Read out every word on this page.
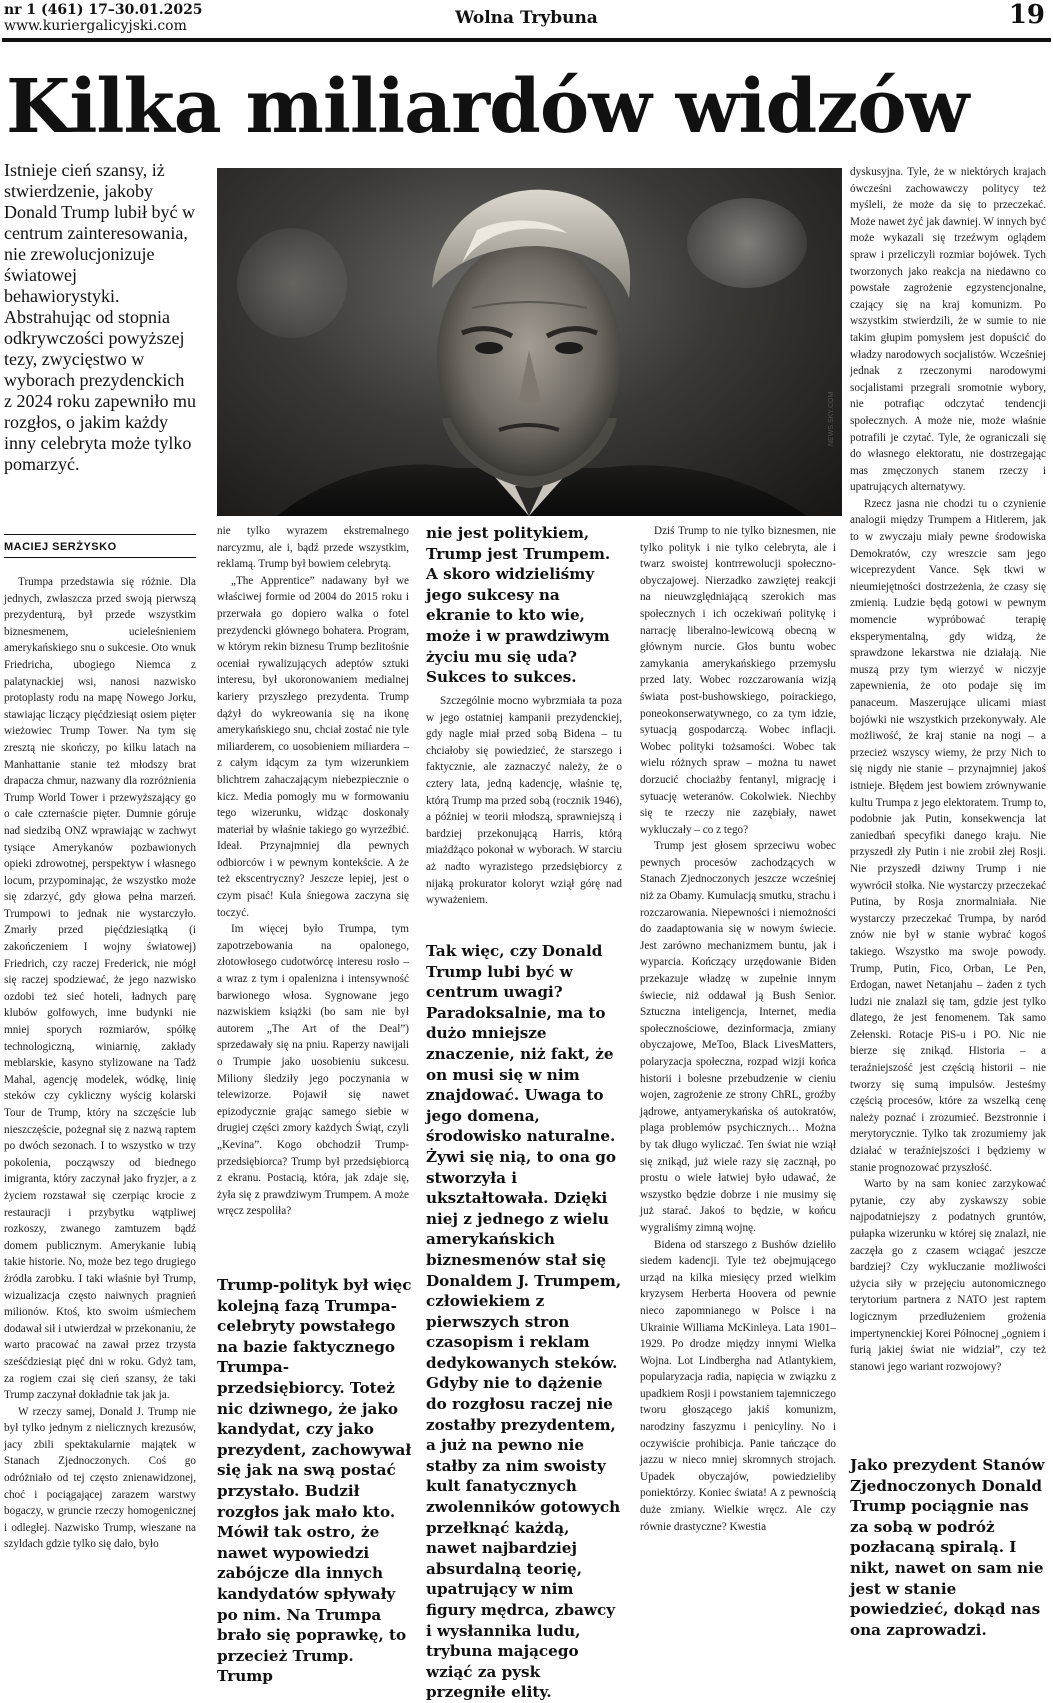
nr 1 (461) 17–30.01.2025
www.kuriergalicyjski.com	Wolna Trybuna	19
Kilka miliardów widzów
Istnieje cień szansy, iż stwierdzenie, jakoby Donald Trump lubił być w centrum zainteresowania, nie zrewolucjonizuje światowej behawiorystyki. Abstrahując od stopnia odkrywczości powyższej tezy, zwycięstwo w wyborach prezydenckich z 2024 roku zapewniło mu rozgłos, o jakim każdy inny celebryta może tylko pomarzyć.
MACIEJ SERŻYSKO
NEWS.SKY.COM

Trumpa przedstawia się różnie. Dla jednych, zwłaszcza przed swoją pierwszą prezydenturą, był przede wszystkim biznesmenem, ucieleśnieniem amerykańskiego snu o sukcesie. Oto wnuk Friedricha, ubogiego Niemca z palatynackiej wsi, nanosi nazwisko protoplasty rodu na mapę Nowego Jorku, stawiając liczący pięćdziesiąt osiem pięter wieżowiec Trump Tower. Na tym się zresztą nie skończy, po kilku latach na Manhattanie stanie też młodszy brat drapacza chmur, nazwany dla rozróżnienia Trump World Tower i przewyższający go o całe czternaście pięter. Dumnie góruje nad siedzibą ONZ wprawiając w zachwyt tysiące Amerykanów pozbawionych opieki zdrowotnej, perspektyw i własnego locum, przypominając, że wszystko może się zdarzyć, gdy głowa pełna marzeń. Trumpowi to jednak nie wystarczyło. Zmarły przed pięćdziesiątką (i zakończeniem I wojny światowej) Friedrich, czy raczej Frederick, nie mógł się raczej spodziewać, że jego nazwisko ozdobi też sieć hoteli, ładnych parę klubów golfowych, inne budynki nie mniej sporych rozmiarów, spółkę technologiczną, winiarnię, zakłady meblarskie, kasyno stylizowane na Tadż Mahal, agencję modelek, wódkę, linię steków czy cykliczny wyścig kolarski Tour de Trump, który na szczęście lub nieszczęście, pożegnał się z nazwą raptem po dwóch sezonach. I to wszystko w trzy pokolenia, począwszy od biednego imigranta, który zaczynał jako fryzjer, a z życiem rozstawał się czerpiąc krocie z restauracji i przybytku wątpliwej rozkoszy, zwanego zamtuzem bądź domem publicznym. Amerykanie lubią takie historie. No, może bez tego drugiego źródła zarobku. I taki właśnie był Trump, wizualizacja często naiwnych pragnień milionów. Ktoś, kto swoim uśmiechem dodawał sił i utwierdzał w przekonaniu, że warto pracować na zawał przez trzysta sześćdziesiąt pięć dni w roku. Gdyż tam, za rogiem czai się cień szansy, że taki Trump zaczynał dokładnie tak jak ja.

W rzeczy samej, Donald J. Trump nie był tylko jednym z nielicznych krezusów, jacy zbili spektakularnie majątek w Stanach Zjednoczonych. Coś go odróżniało od tej często znienawidzonej, choć i pociągającej zarazem warstwy bogaczy, w gruncie rzeczy homogenicznej i odległej. Nazwisko Trump, wieszane na szyldach gdzie tylko się dało, było

nie tylko wyrazem ekstremalnego narcyzmu, ale i, bądź przede wszystkim, reklamą. Trump był bowiem celebrytą.

„The Apprentice” nadawany był we właściwej formie od 2004 do 2015 roku i przerwała go dopiero walka o fotel prezydencki głównego bohatera. Program, w którym rekin biznesu Trump bezlitośnie oceniał rywalizujących adeptów sztuki interesu, był ukoronowaniem medialnej kariery przyszłego prezydenta. Trump dążył do wykreowania się na ikonę amerykańskiego snu, chciał zostać nie tyle miliarderem, co uosobieniem miliardera – z całym idącym za tym wizerunkiem blichtrem zahaczającym niebezpiecznie o kicz. Media pomogły mu w formowaniu tego wizerunku, widząc doskonały materiał by właśnie takiego go wyrzeźbić. Ideał. Przynajmniej dla pewnych odbiorców i w pewnym kontekście. A że też ekscentryczny? Jeszcze lepiej, jest o czym pisać! Kula śniegowa zaczyna się toczyć.

Im więcej było Trumpa, tym zapotrzebowania na opalonego, złotowłosego cudotwórcę interesu rosło – a wraz z tym i opalenizna i intensywność barwionego włosa. Sygnowane jego nazwiskiem książki (bo sam nie był autorem „The Art of the Deal”) sprzedawały się na pniu. Raperzy nawijali o Trumpie jako uosobieniu sukcesu. Miliony śledziły jego poczynania w telewizorze. Pojawił się nawet epizodycznie grając samego siebie w drugiej części zmory każdych Świąt, czyli „Kevina”. Kogo obchodził Trump-przedsiębiorca? Trump był przedsiębiorcą z ekranu. Postacią, która, jak zdaje się, żyła się z prawdziwym Trumpem. A może wręcz zespoliła?

Trump-polityk był więc kolejną fazą Trumpa-celebryty powstałego na bazie faktycznego Trumpa-przedsiębiorcy. Toteż nic dziwnego, że jako kandydat, czy jako prezydent, zachowywał się jak na swą postać przystało. Budził rozgłos jak mało kto. Mówił tak ostro, że nawet wypowiedzi zabójcze dla innych kandydatów spływały po nim. Na Trumpa brało się poprawkę, to przecież Trump. Trump
nie jest politykiem, Trump jest Trumpem. A skoro widzieliśmy jego sukcesy na ekranie to kto wie, może i w prawdziwym życiu mu się uda? Sukces to sukces.

Szczególnie mocno wybrzmiała ta poza w jego ostatniej kampanii prezydenckiej, gdy nagle miał przed sobą Bidena – tu chciałoby się powiedzieć, że starszego i faktycznie, ale zaznaczyć należy, że o cztery lata, jedną kadencję, właśnie tę, którą Trump ma przed sobą (rocznik 1946), a później w teorii młodszą, sprawniejszą i bardziej przekonującą Harris, którą miażdżąco pokonał w wyborach. W starciu aż nadto wyrazistego przedsiębiorcy z nijaką prokurator koloryt wziął górę nad wyważeniem.

Tak więc, czy Donald Trump lubi być w centrum uwagi? Paradoksalnie, ma to dużo mniejsze znaczenie, niż fakt, że on musi się w nim znajdować. Uwaga to jego domena, środowisko naturalne. Żywi się nią, to ona go stworzyła i ukształtowała. Dzięki niej z jednego z wielu amerykańskich biznesmenów stał się Donaldem J. Trumpem, człowiekiem z pierwszych stron czasopism i reklam dedykowanych steków. Gdyby nie to dążenie do rozgłosu raczej nie zostałby prezydentem, a już na pewno nie stałby za nim swoisty kult fanatycznych zwolenników gotowych przełknąć każdą, nawet najbardziej absurdalną teorię, upatrujący w nim figury mędrca, zbawcy i wysłannika ludu, trybuna mającego wziąć za pysk przegniłe elity.

Dziś Trump to nie tylko biznesmen, nie tylko polityk i nie tylko celebryta, ale i twarz swoistej kontrrewolucji społeczno-obyczajowej. Nierzadko zawziętej reakcji na nieuwzględniającą szerokich mas społecznych i ich oczekiwań politykę i narrację liberalno-lewicową obecną w głównym nurcie. Głos buntu wobec zamykania amerykańskiego przemysłu przed laty. Wobec rozczarowania wizją świata post-bushowskiego, poirackiego, poneokonserwatywnego, co za tym idzie, sytuacją gospodarczą. Wobec inflacji. Wobec polityki tożsamości. Wobec tak wielu różnych spraw – można tu nawet dorzucić chociażby fentanyl, migrację i sytuację weteranów. Cokolwiek. Niechby się te rzeczy nie zazębiały, nawet wykluczały – co z tego?

Trump jest głosem sprzeciwu wobec pewnych procesów zachodzących w Stanach Zjednoczonych jeszcze wcześniej niż za Obamy. Kumulacją smutku, strachu i rozczarowania. Niepewności i niemożności do zaadaptowania się w nowym świecie. Jest zarówno mechanizmem buntu, jak i wyparcia. Kończący urzędowanie Biden przekazuje władzę w zupełnie innym świecie, niż oddawał ją Bush Senior. Sztuczna inteligencja, Internet, media społecznościowe, dezinformacja, zmiany obyczajowe, MeToo, Black LivesMatters, polaryzacja społeczna, rozpad wizji końca historii i bolesne przebudzenie w cieniu wojen, zagrożenie ze strony ChRL, groźby jądrowe, antyamerykańska oś autokratów, plaga problemów psychicznych… Można by tak długo wyliczać. Ten świat nie wziął się znikąd, już wiele razy się zacznął, po prostu o wiele łatwiej było udawać, że wszystko będzie dobrze i nie musimy się już starać. Jakoś to będzie, w końcu wygraliśmy zimną wojnę.

Bidena od starszego z Bushów dzieliło siedem kadencji. Tyle też obejmującego urząd na kilka miesięcy przed wielkim kryzysem Herberta Hoovera od pewnie nieco zapomnianego w Polsce i na Ukrainie Williama McKinleya. Lata 1901–1929. Po drodze między innymi Wielka Wojna. Lot Lindbergha nad Atlantykiem, popularyzacja radia, napięcia w związku z upadkiem Rosji i powstaniem tajemniczego tworu głoszącego jakiś komunizm, narodziny faszyzmu i penicyliny. No i oczywiście prohibicja. Panie tańczące do jazzu w nieco mniej skromnych strojach. Upadek obyczajów, powiedzieliby poniektórzy. Koniec świata! A z pewnością duże zmiany. Wielkie wręcz. Ale czy równie drastyczne? Kwestia

dyskusyjna. Tyle, że w niektórych krajach ówcześni zachowawczy politycy też myśleli, że może da się to przeczekać. Może nawet żyć jak dawniej. W innych być może wykazali się trzeźwym oglądem spraw i przeliczyli rozmiar bojówek. Tych tworzonych jako reakcja na niedawno co powstałe zagrożenie egzystencjonalne, czający się na kraj komunizm. Po wszystkim stwierdzili, że w sumie to nie takim głupim pomysłem jest dopuścić do władzy narodowych socjalistów. Wcześniej jednak z rzeczonymi narodowymi socjalistami przegrali sromotnie wybory, nie potrafiąc odczytać tendencji społecznych. A może nie, może właśnie potrafili je czytać. Tyle, że ograniczali się do własnego elektoratu, nie dostrzegając mas zmęczonych stanem rzeczy i upatrujących alternatywy.

Rzecz jasna nie chodzi tu o czynienie analogii między Trumpem a Hitlerem, jak to w zwyczaju miały pewne środowiska Demokratów, czy wreszcie sam jego wiceprezydent Vance. Sęk tkwi w nieumiejętności dostrzeżenia, że czasy się zmienią. Ludzie będą gotowi w pewnym momencie wypróbować terapię eksperymentalną, gdy widzą, że sprawdzone lekarstwa nie działają. Nie muszą przy tym wierzyć w niczyje zapewnienia, że oto podaje się im panaceum. Maszerujące ulicami miast bojówki nie wszystkich przekonywały. Ale możliwość, że kraj stanie na nogi – a przecież wszyscy wiemy, że przy Nich to się nigdy nie stanie – przynajmniej jakoś istnieje. Błędem jest bowiem zrównywanie kultu Trumpa z jego elektoratem. Trump to, podobnie jak Putin, konsekwencja lat zaniedbań specyfiki danego kraju. Nie przyszedł zły Putin i nie zrobił złej Rosji. Nie przyszedł dziwny Trump i nie wywrócił stołka. Nie wystarczy przeczekać Putina, by Rosja znormalniała. Nie wystarczy przeczekać Trumpa, by naród znów nie był w stanie wybrać kogoś takiego. Wszystko ma swoje powody. Trump, Putin, Fico, Orban, Le Pen, Erdogan, nawet Netanjahu – żaden z tych ludzi nie znalazł się tam, gdzie jest tylko dlatego, że jest fenomenem. Tak samo Zełenski. Rotacje PiS-u i PO. Nic nie bierze się znikąd. Historia – a teraźniejszość jest częścią historii – nie tworzy się sumą impulsów. Jesteśmy częścią procesów, które za wszelką cenę należy poznać i zrozumieć. Bezstronnie i merytorycznie. Tylko tak zrozumiemy jak działać w teraźniejszości i będziemy w stanie prognozować przyszłość.

Warto by na sam koniec zarzykować pytanie, czy aby zyskawszy sobie najpodatniejszy z podatnych gruntów, pułapka wizerunku w której się znalazł, nie zaczęła go z czasem wciągać jeszcze bardziej? Czy wykluczanie możliwości użycia siły w przejęciu autonomicznego terytorium partnera z NATO jest raptem logicznym przedłużeniem grożenia impertynenckiej Korei Północnej „ogniem i furią jakiej świat nie widział”, czy też stanowi jego wariant rozwojowy?

Jako prezydent Stanów Zjednoczonych Donald Trump pociągnie nas za sobą w podróż pozłacaną spiralą. I nikt, nawet on sam nie jest w stanie powiedzieć, dokąd nas ona zaprowadzi.
